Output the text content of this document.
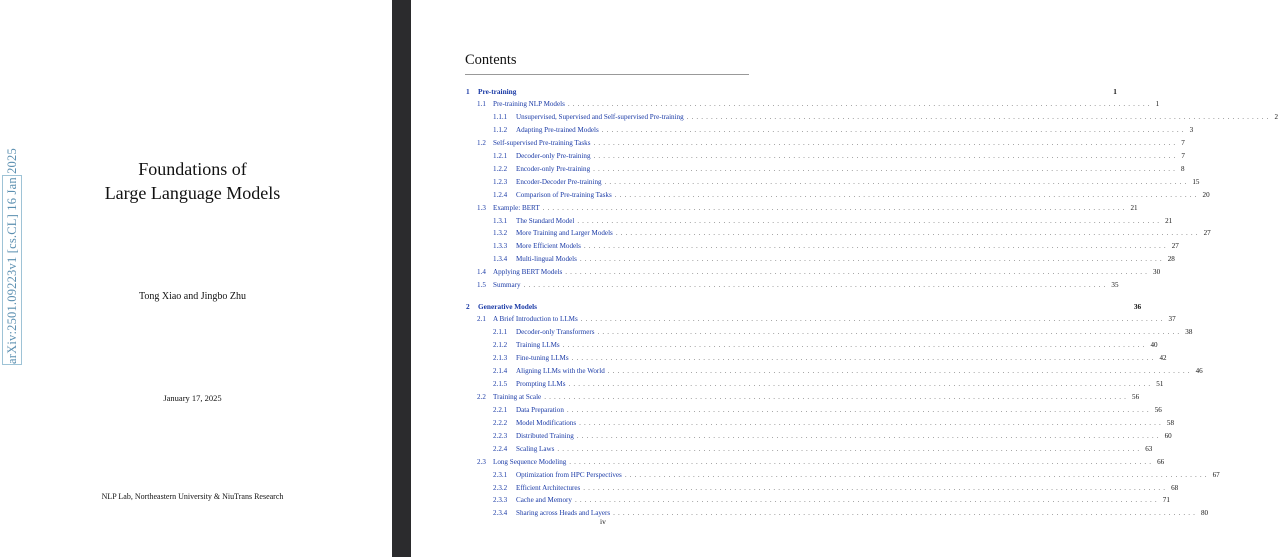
arXiv:2501.09223v1 [cs.CL] 16 Jan 2025	Foundations of
Large Language Models
Tong Xiao and Jingbo Zhu
January 17, 2025
NLP Lab, Northeastern University & NiuTrans Research
Contents
1	Pre-training	1
1.1	Pre-training NLP Models ........................................................................................................................ 1
1.1.1	Unsupervised, Supervised and Self-supervised Pre-training ........................................................................................................................ 2
1.1.2	Adapting Pre-trained Models ........................................................................................................................ 3
1.2	Self-supervised Pre-training Tasks ........................................................................................................................ 7
1.2.1	Decoder-only Pre-training ........................................................................................................................ 7
1.2.2	Encoder-only Pre-training ........................................................................................................................ 8
1.2.3	Encoder-Decoder Pre-training ........................................................................................................................ 15
1.2.4	Comparison of Pre-training Tasks ........................................................................................................................ 20
1.3	Example: BERT ........................................................................................................................ 21
1.3.1	The Standard Model ........................................................................................................................ 21
1.3.2	More Training and Larger Models ........................................................................................................................ 27
1.3.3	More Efficient Models ........................................................................................................................ 27
1.3.4	Multi-lingual Models ........................................................................................................................ 28
1.4	Applying BERT Models ........................................................................................................................ 30
1.5	Summary ........................................................................................................................ 35
2	Generative Models	36
2.1	A Brief Introduction to LLMs ........................................................................................................................ 37
2.1.1	Decoder-only Transformers ........................................................................................................................ 38
2.1.2	Training LLMs ........................................................................................................................ 40
2.1.3	Fine-tuning LLMs ........................................................................................................................ 42
2.1.4	Aligning LLMs with the World ........................................................................................................................ 46
2.1.5	Prompting LLMs ........................................................................................................................ 51
2.2	Training at Scale ........................................................................................................................ 56
2.2.1	Data Preparation ........................................................................................................................ 56
2.2.2	Model Modifications ........................................................................................................................ 58
2.2.3	Distributed Training ........................................................................................................................ 60
2.2.4	Scaling Laws ........................................................................................................................ 63
2.3	Long Sequence Modeling ........................................................................................................................ 66
2.3.1	Optimization from HPC Perspectives ........................................................................................................................ 67
2.3.2	Efficient Architectures ........................................................................................................................ 68
2.3.3	Cache and Memory ........................................................................................................................ 71
2.3.4	Sharing across Heads and Layers ........................................................................................................................ 80
iv
